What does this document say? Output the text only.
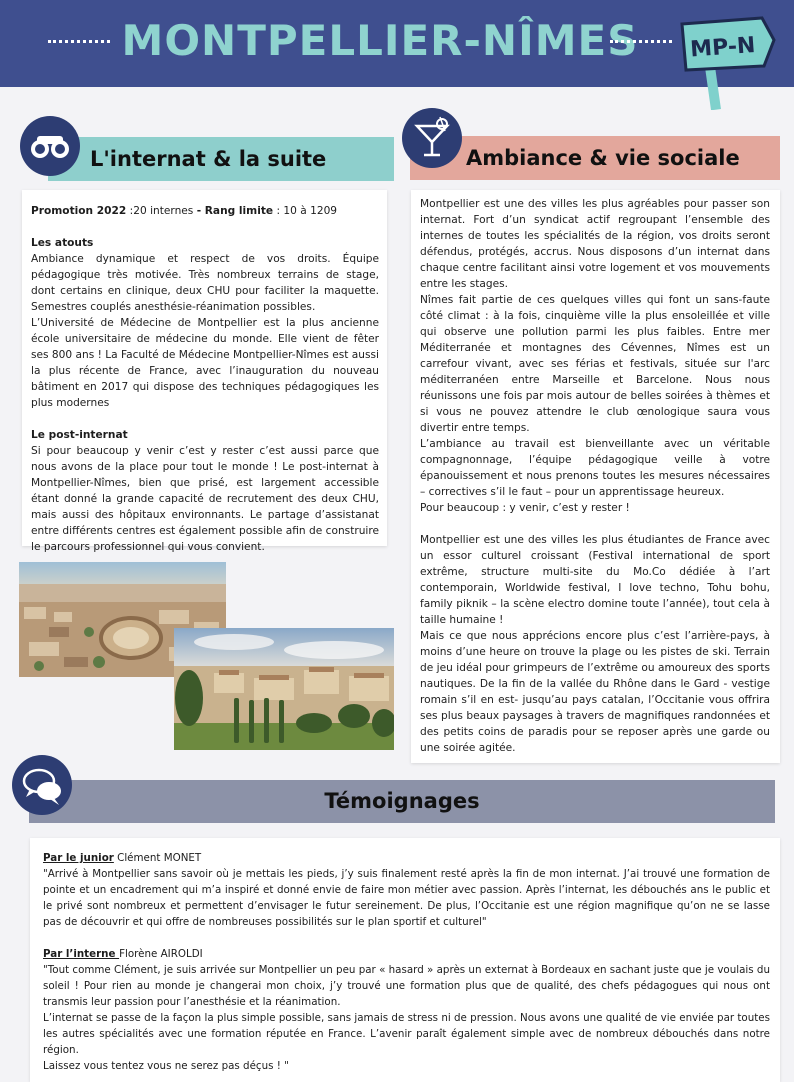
MONTPELLIER-NÎMES	MP-N
L'internat & la suite	Ambiance & vie sociale

Promotion 2022 :20 internes - Rang limite : 10 à 1209

Les atouts

Ambiance dynamique et respect de vos droits. Équipe pédagogique très motivée. Très nombreux terrains de stage, dont certains en clinique, deux CHU pour faciliter la maquette. Semestres couplés anesthésie-réanimation possibles.

L’Université de Médecine de Montpellier est la plus ancienne école universitaire de médecine du monde. Elle vient de fêter ses 800 ans ! La Faculté de Médecine Montpellier-Nîmes est aussi la plus récente de France, avec l’inauguration du nouveau bâtiment en 2017 qui dispose des techniques pédagogiques les plus modernes

Le post-internat

Si pour beaucoup y venir c’est y rester c’est aussi parce que nous avons de la place pour tout le monde ! Le post-internat à Montpellier-Nîmes, bien que prisé, est largement accessible étant donné la grande capacité de recrutement des deux CHU, mais aussi des hôpitaux environnants. Le partage d’assistanat entre différents centres est également possible afin de construire le parcours professionnel qui vous convient.

Montpellier est une des villes les plus agréables pour passer son internat. Fort d’un syndicat actif regroupant l’ensemble des internes de toutes les spécialités de la région, vos droits seront défendus, protégés, accrus. Nous disposons d’un internat dans chaque centre facilitant ainsi votre logement et vos mouvements entre les stages.

Nîmes fait partie de ces quelques villes qui font un sans-faute côté climat : à la fois, cinquième ville la plus ensoleillée et ville qui observe une pollution parmi les plus faibles. Entre mer Méditerranée et montagnes des Cévennes, Nîmes est un carrefour vivant, avec ses férias et festivals, située sur l'arc méditerranéen entre Marseille et Barcelone. Nous nous réunissons une fois par mois autour de belles soirées à thèmes et si vous ne pouvez attendre le club œnologique saura vous divertir entre temps.

L’ambiance au travail est bienveillante avec un véritable compagnonnage, l’équipe pédagogique veille à votre épanouissement et nous prenons toutes les mesures nécessaires – correctives s’il le faut – pour un apprentissage heureux.

Pour beaucoup : y venir, c’est y rester !

Montpellier est une des villes les plus étudiantes de France avec un essor culturel croissant (Festival international de sport extrême, structure multi-site du Mo.Co dédiée à l’art contemporain, Worldwide festival, I love techno, Tohu bohu, family piknik – la scène electro domine toute l’année), tout cela à taille humaine !

Mais ce que nous apprécions encore plus c’est l’arrière-pays, à moins d’une heure on trouve la plage ou les pistes de ski. Terrain de jeu idéal pour grimpeurs de l’extrême ou amoureux des sports nautiques. De la fin de la vallée du Rhône dans le Gard - vestige romain s’il en est- jusqu’au pays catalan, l’Occitanie vous offrira ses plus beaux paysages à travers de magnifiques randonnées et des petits coins de paradis pour se reposer après une garde ou une soirée agitée.

Témoignages

Par le junior Clément MONET

"Arrivé à Montpellier sans savoir où je mettais les pieds, j’y suis finalement resté après la fin de mon internat. J’ai trouvé une formation de pointe et un encadrement qui m’a inspiré et donné envie de faire mon métier avec passion. Après l’internat, les débouchés ans le public et le privé sont nombreux et permettent d’envisager le futur sereinement. De plus, l’Occitanie est une région magnifique qu’on ne se lasse pas de découvrir et qui offre de nombreuses possibilités sur le plan sportif et culturel"

Par l’interne Florène AIROLDI

"Tout comme Clément, je suis arrivée sur Montpellier un peu par « hasard » après un externat à Bordeaux en sachant juste que je voulais du soleil ! Pour rien au monde je changerai mon choix, j’y trouvé une formation plus que de qualité, des chefs pédagogues qui nous ont transmis leur passion pour l’anesthésie et la réanimation.

L’internat se passe de la façon la plus simple possible, sans jamais de stress ni de pression. Nous avons une qualité de vie enviée par toutes les autres spécialités avec une formation réputée en France. L’avenir paraît également simple avec de nombreux débouchés dans notre région.

Laissez vous tentez vous ne serez pas déçus ! "
